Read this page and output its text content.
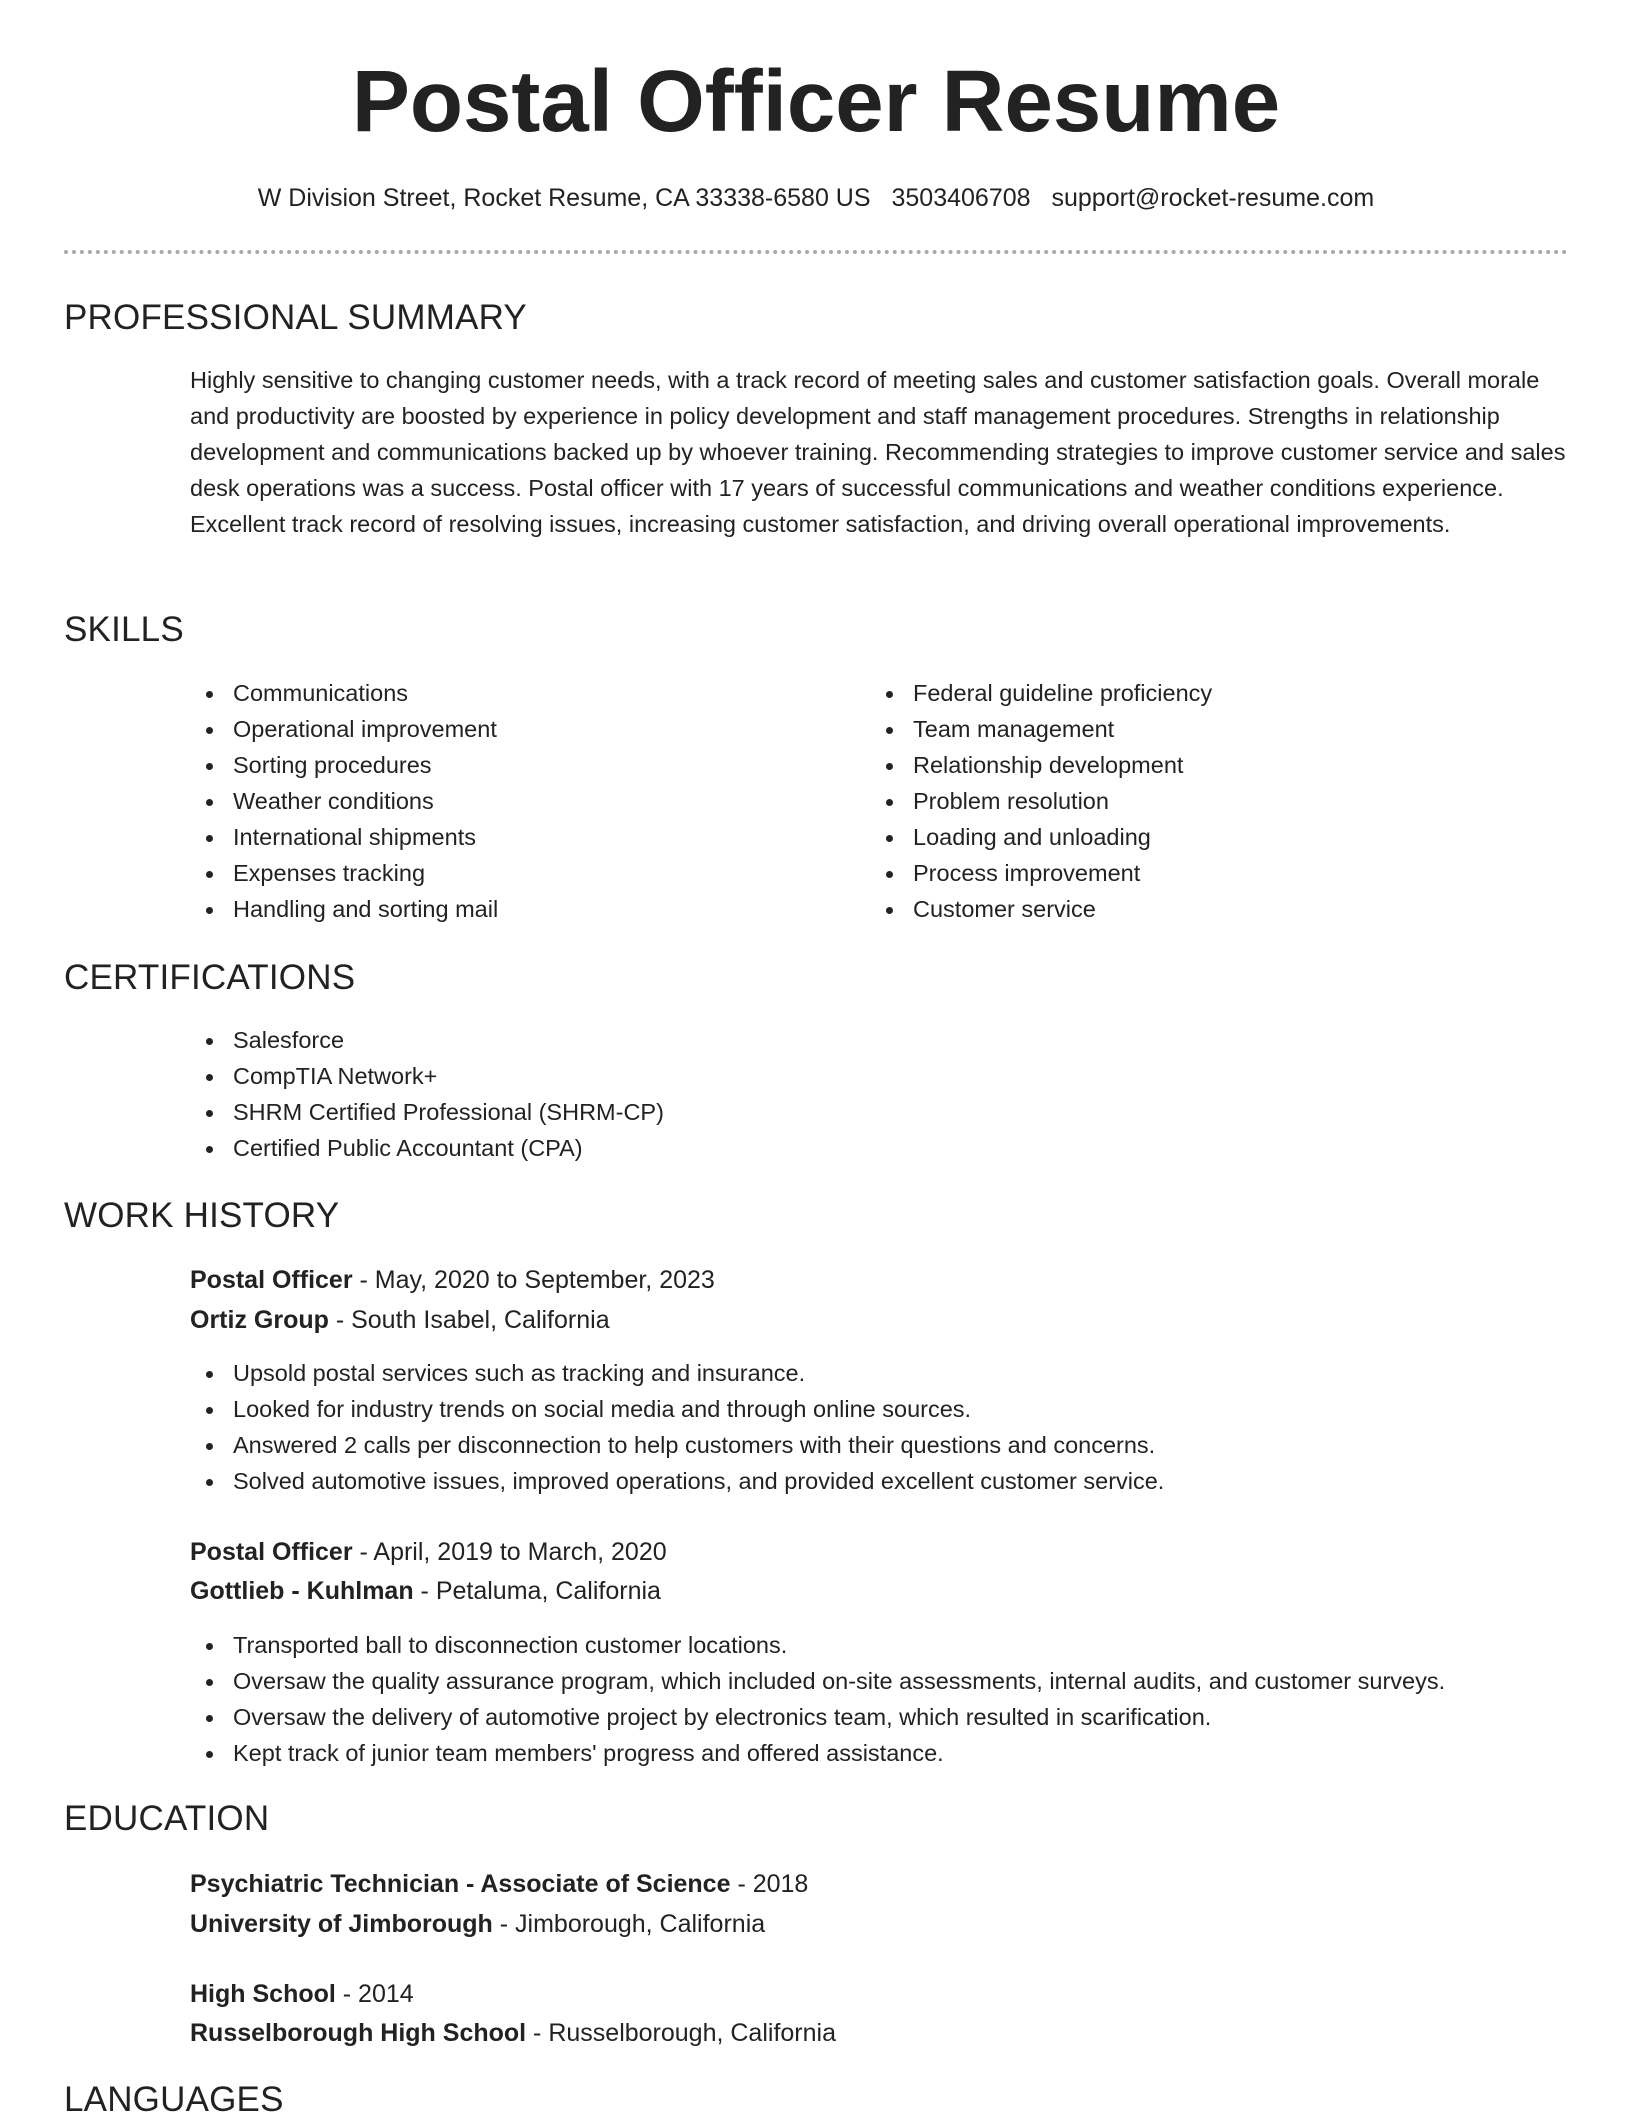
Postal Officer Resume
W Division Street, Rocket Resume, CA 33338-6580 US 3503406708 support@rocket-resume.com
PROFESSIONAL SUMMARY

Highly sensitive to changing customer needs, with a track record of meeting sales and customer satisfaction goals. Overall morale and productivity are boosted by experience in policy development and staff management procedures. Strengths in relationship development and communications backed up by whoever training. Recommending strategies to improve customer service and sales desk operations was a success. Postal officer with 17 years of successful communications and weather conditions experience. Excellent track record of resolving issues, increasing customer satisfaction, and driving overall operational improvements.

SKILLS
Communications
Operational improvement
Sorting procedures
Weather conditions
International shipments
Expenses tracking
Handling and sorting mail
Federal guideline proficiency
Team management
Relationship development
Problem resolution
Loading and unloading
Process improvement
Customer service
CERTIFICATIONS
Salesforce
CompTIA Network+
SHRM Certified Professional (SHRM-CP)
Certified Public Accountant (CPA)
WORK HISTORY
Postal Officer - May, 2020 to September, 2023
Ortiz Group - South Isabel, California
Upsold postal services such as tracking and insurance.
Looked for industry trends on social media and through online sources.
Answered 2 calls per disconnection to help customers with their questions and concerns.
Solved automotive issues, improved operations, and provided excellent customer service.
Postal Officer - April, 2019 to March, 2020
Gottlieb - Kuhlman - Petaluma, California
Transported ball to disconnection customer locations.
Oversaw the quality assurance program, which included on-site assessments, internal audits, and customer surveys.
Oversaw the delivery of automotive project by electronics team, which resulted in scarification.
Kept track of junior team members' progress and offered assistance.
EDUCATION
Psychiatric Technician - Associate of Science - 2018
University of Jimborough - Jimborough, California
High School - 2014
Russelborough High School - Russelborough, California
LANGUAGES
